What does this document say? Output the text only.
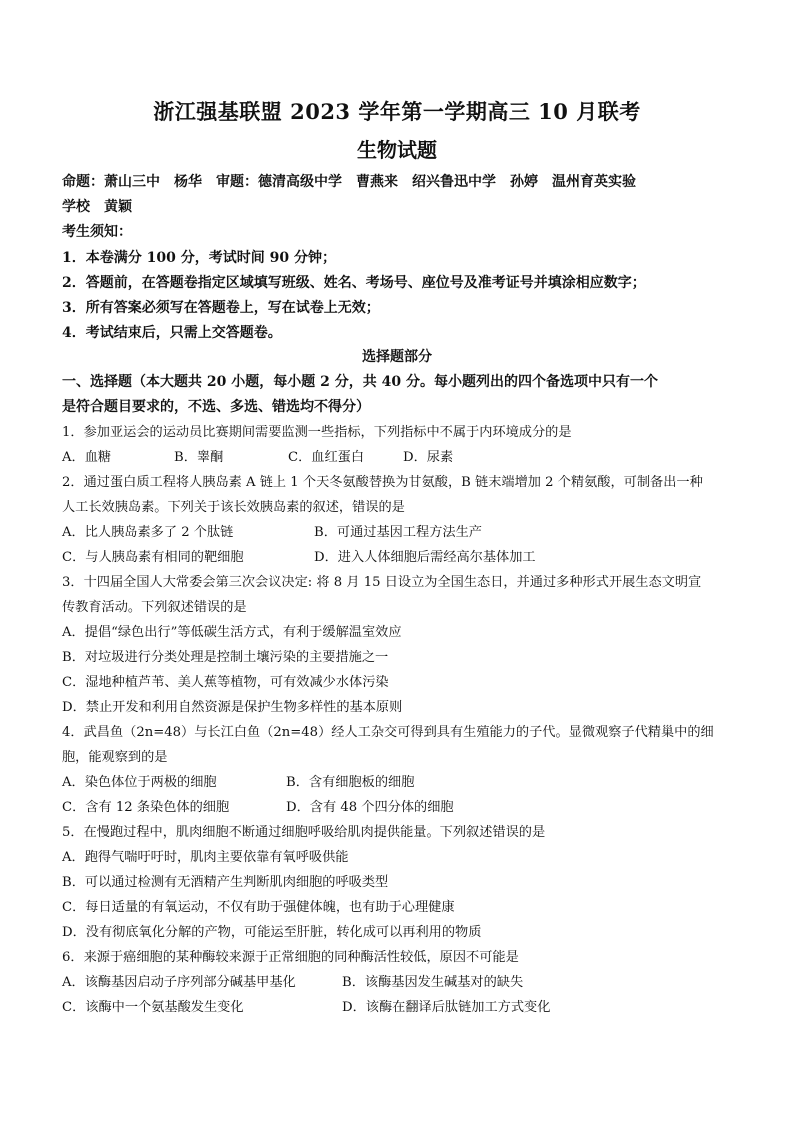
浙江强基联盟 2023 学年第一学期高三 10 月联考
生物试题
命题：萧山三中　杨华　审题：德清高级中学　曹燕来　绍兴鲁迅中学　孙婷　温州育英实验
学校　黄颖
考生须知：
1．本卷满分 100 分，考试时间 90 分钟；
2．答题前，在答题卷指定区域填写班级、姓名、考场号、座位号及准考证号并填涂相应数字；
3．所有答案必须写在答题卷上，写在试卷上无效；
4．考试结束后，只需上交答题卷。
选择题部分
一、选择题（本大题共 20 小题，每小题 2 分，共 40 分。每小题列出的四个备选项中只有一个
是符合题目要求的，不选、多选、错选均不得分）
1．参加亚运会的运动员比赛期间需要监测一些指标，下列指标中不属于内环境成分的是
A．血糖	B．睾酮	C．血红蛋白	D．尿素
2．通过蛋白质工程将人胰岛素 A 链上 1 个天冬氨酸替换为甘氨酸，B 链末端增加 2 个精氨酸，可制备出一种
人工长效胰岛素。下列关于该长效胰岛素的叙述，错误的是
A．比人胰岛素多了 2 个肽链	B．可通过基因工程方法生产
C．与人胰岛素有相同的靶细胞	D．进入人体细胞后需经高尔基体加工
3．十四届全国人大常委会第三次会议决定: 将 8 月 15 日设立为全国生态日，并通过多种形式开展生态文明宣
传教育活动。下列叙述错误的是
A．提倡“绿色出行”等低碳生活方式，有利于缓解温室效应
B．对垃圾进行分类处理是控制土壤污染的主要措施之一
C．湿地种植芦苇、美人蕉等植物，可有效减少水体污染
D．禁止开发和利用自然资源是保护生物多样性的基本原则
4．武昌鱼（2n=48）与长江白鱼（2n=48）经人工杂交可得到具有生殖能力的子代。显微观察子代精巢中的细
胞，能观察到的是
A．染色体位于两极的细胞	B．含有细胞板的细胞
C．含有 12 条染色体的细胞	D．含有 48 个四分体的细胞
5．在慢跑过程中，肌肉细胞不断通过细胞呼吸给肌肉提供能量。下列叙述错误的是
A．跑得气喘吁吁时，肌肉主要依靠有氧呼吸供能
B．可以通过检测有无酒精产生判断肌肉细胞的呼吸类型
C．每日适量的有氧运动，不仅有助于强健体魄，也有助于心理健康
D．没有彻底氧化分解的产物，可能运至肝脏，转化成可以再利用的物质
6．来源于癌细胞的某种酶较来源于正常细胞的同种酶活性较低，原因不可能是
A．该酶基因启动子序列部分碱基甲基化	B．该酶基因发生碱基对的缺失
C．该酶中一个氨基酸发生变化	D．该酶在翻译后肽链加工方式变化
